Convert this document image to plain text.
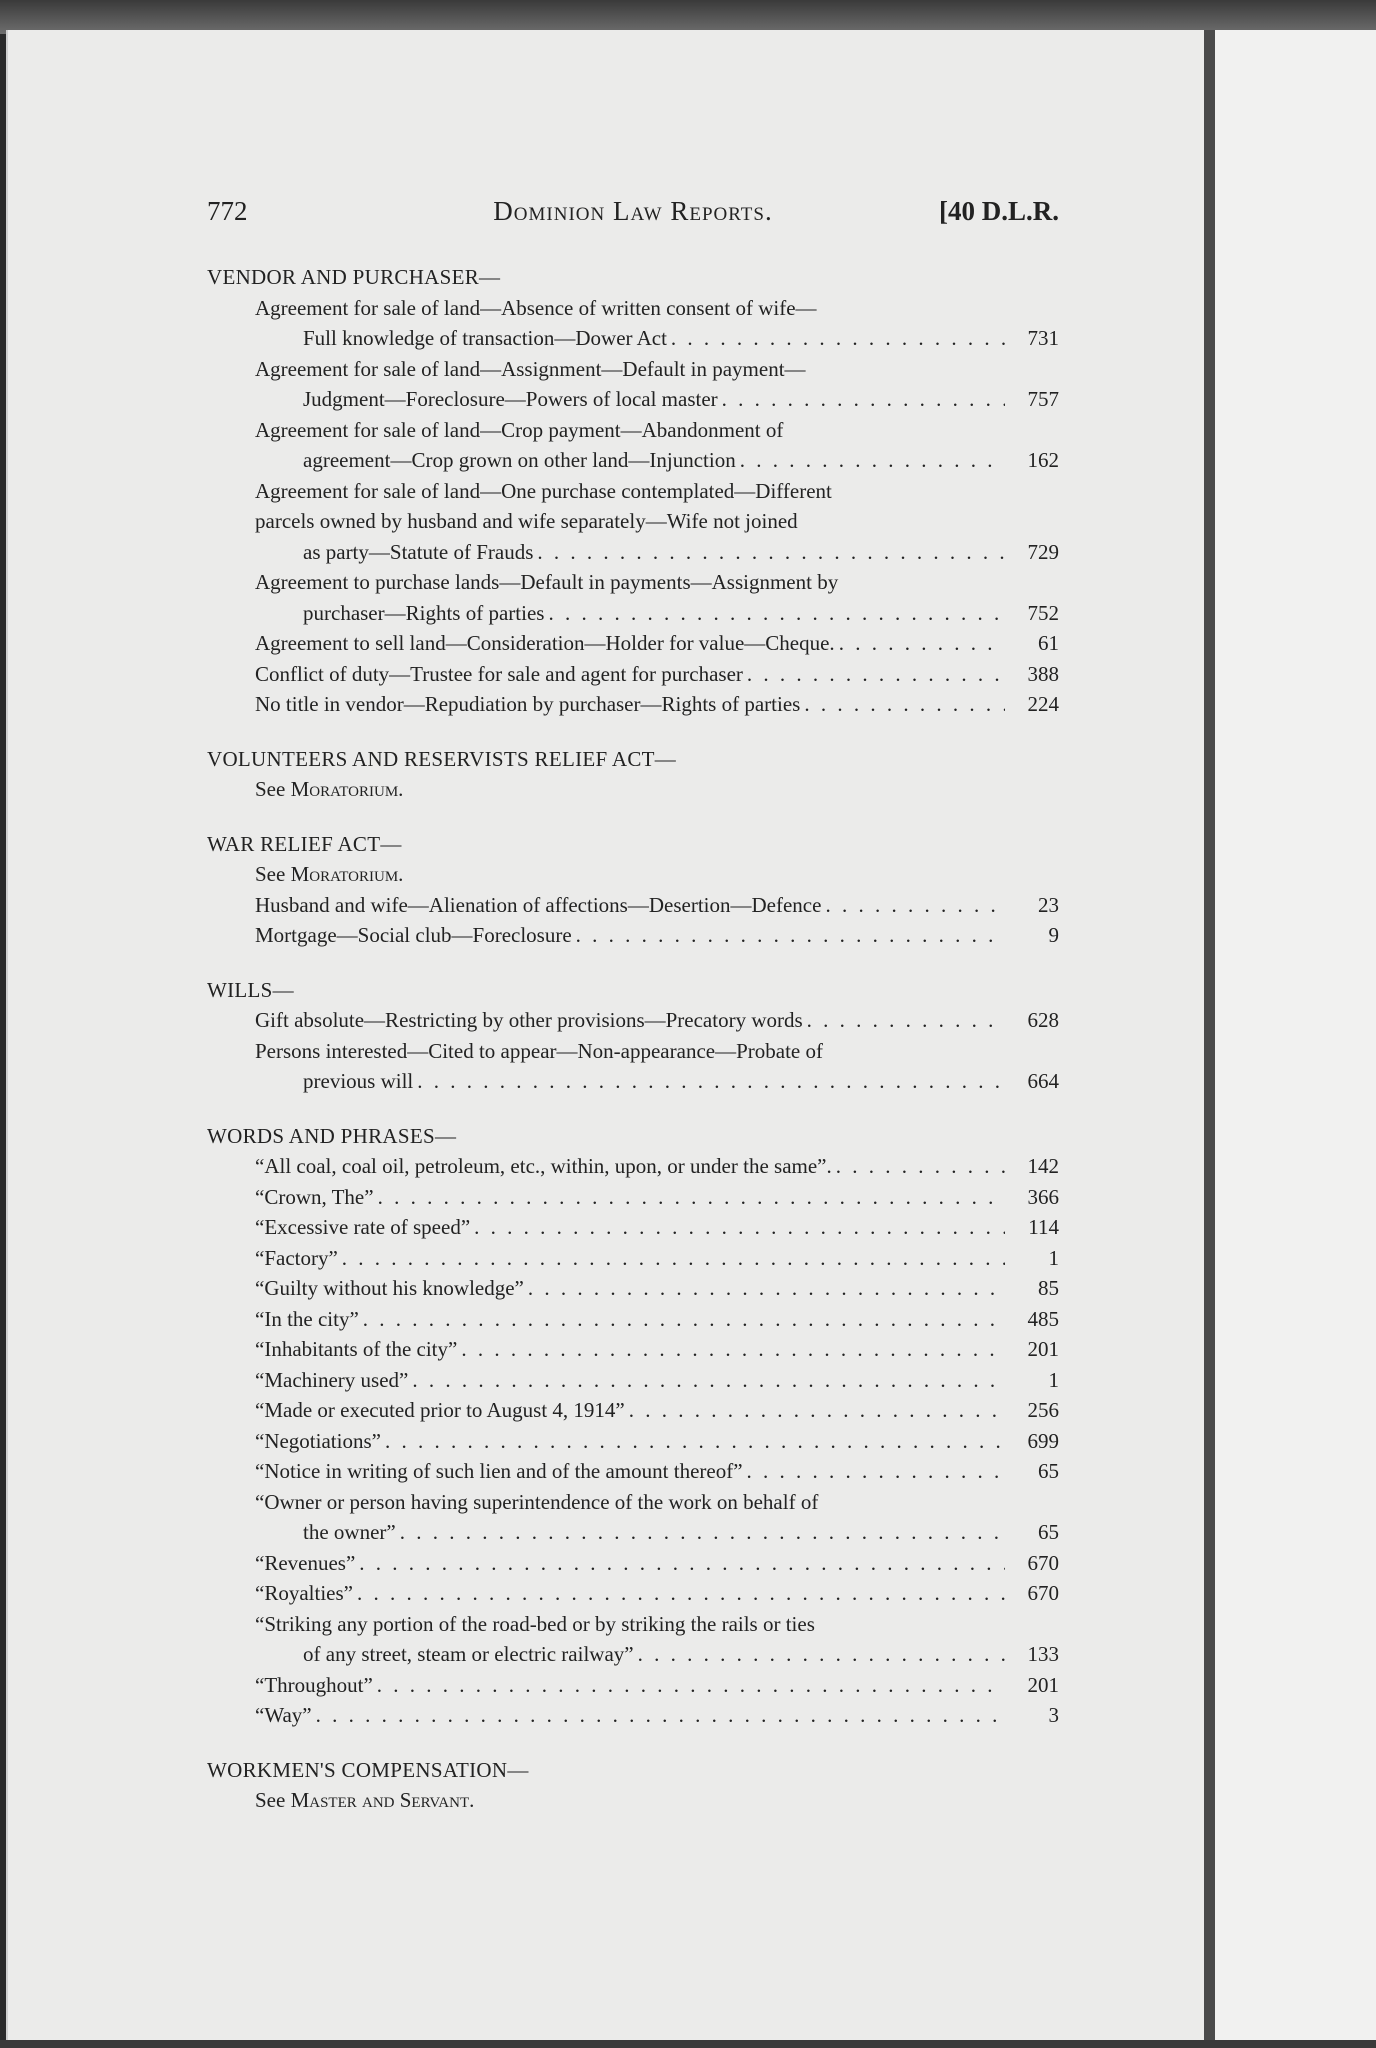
772	Dominion Law Reports.	[40 D.L.R.
VENDOR AND PURCHASER—
Agreement for sale of land—Absence of written consent of wife—
Full knowledge of transaction—Dower Act . . .	731
Agreement for sale of land—Assignment—Default in payment—
Judgment—Foreclosure—Powers of local master . . .	757
Agreement for sale of land—Crop payment—Abandonment of
agreement—Crop grown on other land—Injunction . . .	162
Agreement for sale of land—One purchase contemplated—Different
parcels owned by husband and wife separately—Wife not joined
as party—Statute of Frauds . . .	729
Agreement to purchase lands—Default in payments—Assignment by
purchaser—Rights of parties . . .	752
Agreement to sell land—Consideration—Holder for value—Cheque. . . .	61
Conflict of duty—Trustee for sale and agent for purchaser . . .	388
No title in vendor—Repudiation by purchaser—Rights of parties . . .	224
VOLUNTEERS AND RESERVISTS RELIEF ACT—
See Moratorium.
WAR RELIEF ACT—
See Moratorium.
Husband and wife—Alienation of affections—Desertion—Defence . . .	23
Mortgage—Social club—Foreclosure . . .	9
WILLS—
Gift absolute—Restricting by other provisions—Precatory words . . .	628
Persons interested—Cited to appear—Non-appearance—Probate of
previous will . . .	664
WORDS AND PHRASES—
“All coal, coal oil, petroleum, etc., within, upon, or under the same”. . . .	142
“Crown, The” . . .	366
“Excessive rate of speed” . . .	114
“Factory” . . .	1
“Guilty without his knowledge” . . .	85
“In the city” . . .	485
“Inhabitants of the city” . . .	201
“Machinery used” . . .	1
“Made or executed prior to August 4, 1914” . . .	256
“Negotiations” . . .	699
“Notice in writing of such lien and of the amount thereof” . . .	65
“Owner or person having superintendence of the work on behalf of
the owner” . . .	65
“Revenues” . . .	670
“Royalties” . . .	670
“Striking any portion of the road-bed or by striking the rails or ties
of any street, steam or electric railway” . . .	133
“Throughout” . . .	201
“Way” . . .	3
WORKMEN'S COMPENSATION—
See Master and Servant.
